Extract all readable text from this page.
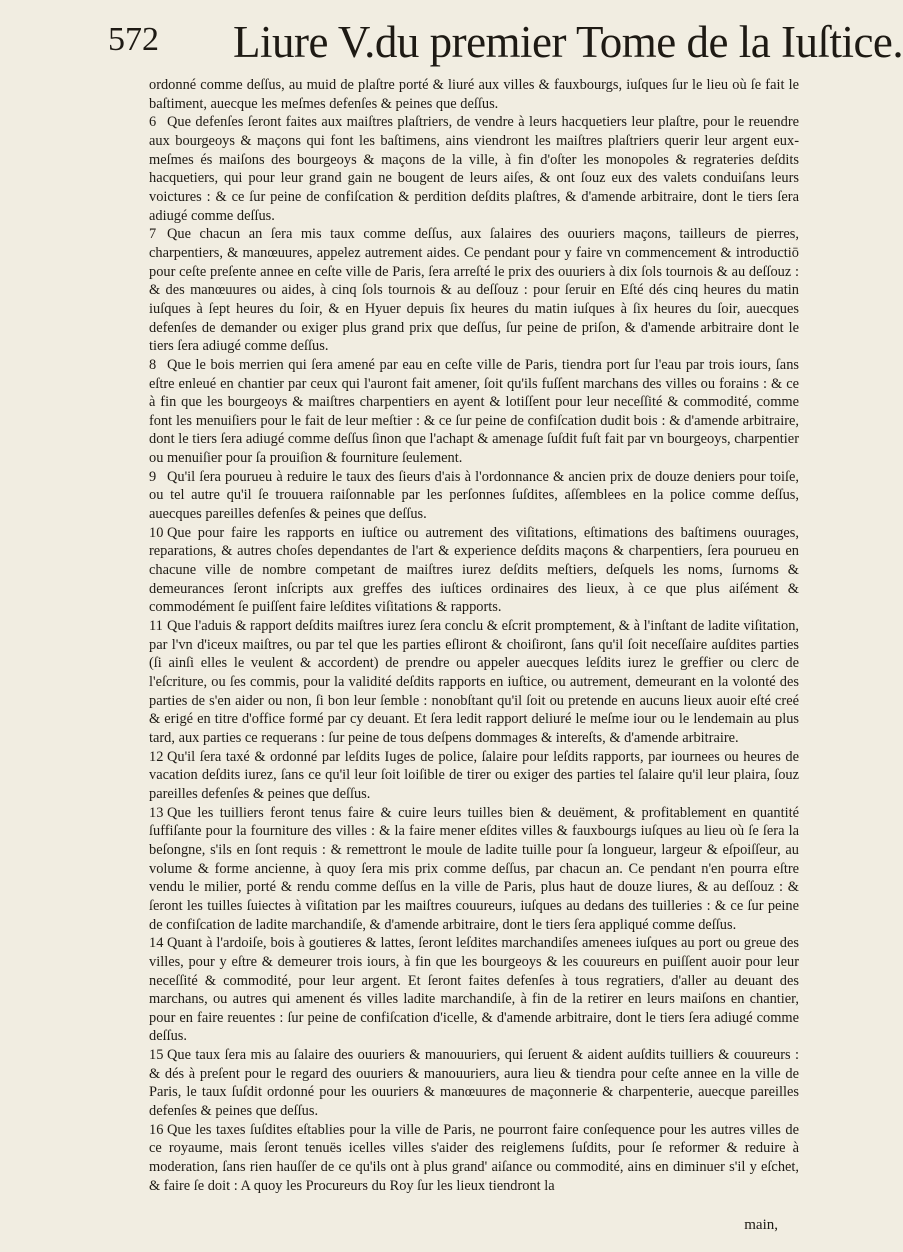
572 Liure V.du premier Tome de la Iuſtice.

ordonné comme deſſus, au muid de plaſtre porté & liuré aux villes & fauxbourgs, iuſques ſur le lieu où ſe fait le baſtiment, auecque les meſmes defenſes & peines que deſſus.

6 Que defenſes ſeront faites aux maiſtres plaſtriers, de vendre à leurs hacquetiers leur plaſtre, pour le reuendre aux bourgeoys & maçons qui font les baſtimens, ains viendront les maiſtres plaſtriers querir leur argent eux-meſmes és maiſons des bourgeoys & maçons de la ville, à fin d'oſter les monopoles & regrateries deſdits hacquetiers, qui pour leur grand gain ne bougent de leurs aiſes, & ont ſouz eux des valets conduiſans leurs voictures : & ce ſur peine de confiſcation & perdition deſdits plaſtres, & d'amende arbitraire, dont le tiers ſera adiugé comme deſſus.

7 Que chacun an ſera mis taux comme deſſus, aux ſalaires des ouuriers maçons, tailleurs de pierres, charpentiers, & manœuures, appelez autrement aides. Ce pendant pour y faire vn commencement & introductiō pour ceſte preſente annee en ceſte ville de Paris, ſera arreſté le prix des ouuriers à dix ſols tournois & au deſſouz : & des manœuures ou aides, à cinq ſols tournois & au deſſouz : pour ſeruir en Eſté dés cinq heures du matin iuſques à ſept heures du ſoir, & en Hyuer depuis ſix heures du matin iuſques à ſix heures du ſoir, auecques defenſes de demander ou exiger plus grand prix que deſſus, ſur peine de priſon, & d'amende arbitraire dont le tiers ſera adiugé comme deſſus.

8 Que le bois merrien qui ſera amené par eau en ceſte ville de Paris, tiendra port ſur l'eau par trois iours, ſans eſtre enleué en chantier par ceux qui l'auront fait amener, ſoit qu'ils fuſſent marchans des villes ou forains : & ce à fin que les bourgeoys & maiſtres charpentiers en ayent & lotiſſent pour leur neceſſité & commodité, comme font les menuiſiers pour le fait de leur meſtier : & ce ſur peine de confiſcation dudit bois : & d'amende arbitraire, dont le tiers ſera adiugé comme deſſus ſinon que l'achapt & amenage ſuſdit fuſt fait par vn bourgeoys, charpentier ou menuiſier pour ſa prouiſion & fourniture ſeulement.

9 Qu'il ſera pourueu à reduire le taux des ſieurs d'ais à l'ordonnance & ancien prix de douze deniers pour toiſe, ou tel autre qu'il ſe trouuera raiſonnable par les perſonnes ſuſdites, aſſemblees en la police comme deſſus, auecques pareilles defenſes & peines que deſſus.

10 Que pour faire les rapports en iuſtice ou autrement des viſitations, eſtimations des baſtimens ouurages, reparations, & autres choſes dependantes de l'art & experience deſdits maçons & charpentiers, ſera pourueu en chacune ville de nombre competant de maiſtres iurez deſdits meſtiers, deſquels les noms, ſurnoms & demeurances ſeront inſcripts aux greffes des iuſtices ordinaires des lieux, à ce que plus aiſément & commodément ſe puiſſent faire leſdites viſitations & rapports.

11 Que l'aduis & rapport deſdits maiſtres iurez ſera conclu & eſcrit promptement, & à l'inſtant de ladite viſitation, par l'vn d'iceux maiſtres, ou par tel que les parties eſliront & choiſiront, ſans qu'il ſoit neceſſaire auſdites parties (ſi ainſi elles le veulent & accordent) de prendre ou appeler auecques leſdits iurez le greffier ou clerc de l'eſcriture, ou ſes commis, pour la validité deſdits rapports en iuſtice, ou autrement, demeurant en la volonté des parties de s'en aider ou non, ſi bon leur ſemble : nonobſtant qu'il ſoit ou pretende en aucuns lieux auoir eſté creé & erigé en titre d'office formé par cy deuant. Et ſera ledit rapport deliuré le meſme iour ou le lendemain au plus tard, aux parties ce requerans : ſur peine de tous deſpens dommages & intereſts, & d'amende arbitraire.

12 Qu'il ſera taxé & ordonné par leſdits Iuges de police, ſalaire pour leſdits rapports, par iournees ou heures de vacation deſdits iurez, ſans ce qu'il leur ſoit loiſible de tirer ou exiger des parties tel ſalaire qu'il leur plaira, ſouz pareilles defenſes & peines que deſſus.

13 Que les tuilliers feront tenus faire & cuire leurs tuilles bien & deuëment, & profitablement en quantité ſuffiſante pour la fourniture des villes : & la faire mener eſdites villes & fauxbourgs iuſques au lieu où ſe ſera la beſongne, s'ils en ſont requis : & remettront le moule de ladite tuille pour ſa longueur, largeur & eſpoiſſeur, au volume & forme ancienne, à quoy ſera mis prix comme deſſus, par chacun an. Ce pendant n'en pourra eſtre vendu le milier, porté & rendu comme deſſus en la ville de Paris, plus haut de douze liures, & au deſſouz : & ſeront les tuilles ſuiectes à viſitation par les maiſtres couureurs, iuſques au dedans des tuilleries : & ce ſur peine de confiſcation de ladite marchandiſe, & d'amende arbitraire, dont le tiers ſera appliqué comme deſſus.

14 Quant à l'ardoiſe, bois à goutieres & lattes, ſeront leſdites marchandiſes amenees iuſques au port ou greue des villes, pour y eſtre & demeurer trois iours, à fin que les bourgeoys & les couureurs en puiſſent auoir pour leur neceſſité & commodité, pour leur argent. Et ſeront faites defenſes à tous regratiers, d'aller au deuant des marchans, ou autres qui amenent és villes ladite marchandiſe, à fin de la retirer en leurs maiſons en chantier, pour en faire reuentes : ſur peine de confiſcation d'icelle, & d'amende arbitraire, dont le tiers ſera adiugé comme deſſus.

15 Que taux ſera mis au ſalaire des ouuriers & manouuriers, qui ſeruent & aident auſdits tuilliers & couureurs : & dés à preſent pour le regard des ouuriers & manouuriers, aura lieu & tiendra pour ceſte annee en la ville de Paris, le taux ſuſdit ordonné pour les ouuriers & manœuures de maçonnerie & charpenterie, auecque pareilles defenſes & peines que deſſus.

16 Que les taxes ſuſdites eſtablies pour la ville de Paris, ne pourront faire conſequence pour les autres villes de ce royaume, mais ſeront tenuës icelles villes s'aider des reiglemens ſuſdits, pour ſe reformer & reduire à moderation, ſans rien hauſſer de ce qu'ils ont à plus grand' aiſance ou commodité, ains en diminuer s'il y eſchet, & faire ſe doit : A quoy les Procureurs du Roy ſur les lieux tiendront la

main,
